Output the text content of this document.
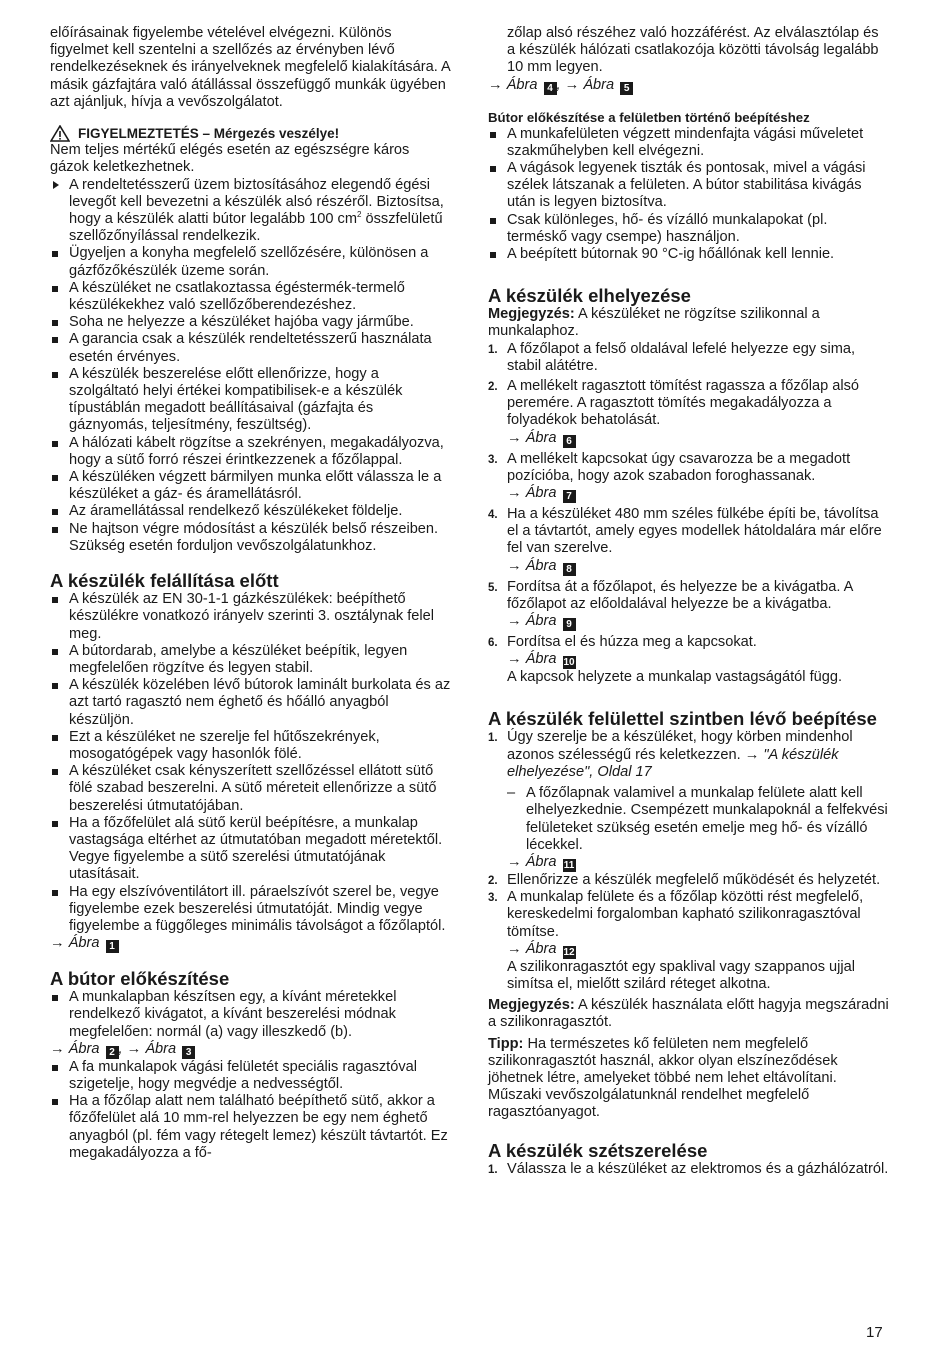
előírásainak figyelembe vételével elvégezni. Különös figyelmet kell szentelni a szellőzés az érvényben lévő rendelkezéseknek és irányelveknek megfelelő kialakítására. A másik gázfajtára való átállással összefüggő munkák ügyében azt ajánljuk, hívja a vevőszolgálatot.

FIGYELMEZTETÉS – Mérgezés veszélye!

Nem teljes mértékű elégés esetén az egészségre káros gázok keletkezhetnek.

A rendeltetésszerű üzem biztosításához elegendő égési levegőt kell bevezetni a készülék alsó részéről. Biztosítsa, hogy a készülék alatti bútor legalább 100 $cm^2$ összfelületű szellőzőnyílással rendelkezik.
Ügyeljen a konyha megfelelő szellőzésére, különösen a gázfőzőkészülék üzeme során.
A készüléket ne csatlakoztassa égéstermék-termelő készülékekhez való szellőzőberendezéshez.
Soha ne helyezze a készüléket hajóba vagy járműbe.
A garancia csak a készülék rendeltetésszerű használata esetén érvényes.
A készülék beszerelése előtt ellenőrizze, hogy a szolgáltató helyi értékei kompatibilisek-e a készülék típustáblán megadott beállításaival (gázfajta és gáznyomás, teljesítmény, feszültség).
A hálózati kábelt rögzítse a szekrényen, megakadályozva, hogy a sütő forró részei érintkezzenek a főzőlappal.
A készüléken végzett bármilyen munka előtt válassza le a készüléket a gáz- és áramellátásról.
Az áramellátással rendelkező készülékeket földelje.
Ne hajtson végre módosítást a készülék belső részeiben. Szükség esetén forduljon vevőszolgálatunkhoz.
A készülék felállítása előtt
A készülék az EN 30-1-1 gázkészülékek: beépíthető készülékre vonatkozó irányelv szerinti 3. osztálynak felel meg.
A bútordarab, amelybe a készüléket beépítik, legyen megfelelően rögzítve és legyen stabil.
A készülék közelében lévő bútorok laminált burkolata és az azt tartó ragasztó nem éghető és hőálló anyagból készüljön.
Ezt a készüléket ne szerelje fel hűtőszekrények, mosogatógépek vagy hasonlók fölé.
A készüléket csak kényszerített szellőzéssel ellátott sütő fölé szabad beszerelni. A sütő méreteit ellenőrizze a sütő beszerelési útmutatójában.
Ha a főzőfelület alá sütő kerül beépítésre, a munkalap vastagsága eltérhet az útmutatóban megadott méretektől. Vegye figyelembe a sütő szerelési útmutatójának utasításait.
Ha egy elszívóventilátort ill. páraelszívót szerel be, vegye figyelembe ezek beszerelési útmutatóját. Mindig vegye figyelembe a függőleges minimális távolságot a főzőlaptól.

→ Ábra 1

A bútor előkészítése
A munkalapban készítsen egy, a kívánt méretekkel rendelkező kivágatot, a kívánt beszerelési módnak megfelelően: normál (a) vagy illeszkedő (b).

→ Ábra 2 , → Ábra 3

A fa munkalapok vágási felületét speciális ragasztóval szigetelje, hogy megvédje a nedvességtől.
Ha a főzőlap alatt nem található beépíthető sütő, akkor a főzőfelület alá 10 mm-rel helyezzen be egy nem éghető anyagból (pl. fém vagy rétegelt lemez) készült távtartót. Ez megakadályozza a fő-

zőlap alsó részéhez való hozzáférést. Az elválasztólap és a készülék hálózati csatlakozója közötti távolság legalább 10 mm legyen.

→ Ábra 4 , → Ábra 5

Bútor előkészítése a felületben történő beépítéshez
A munkafelületen végzett mindenfajta vágási műveletet szakműhelyben kell elvégezni.
A vágások legyenek tiszták és pontosak, mivel a vágási szélek látszanak a felületen. A bútor stabilitása kivágás után is legyen biztosítva.
Csak különleges, hő- és vízálló munkalapokat (pl. terméskő vagy csempe) használjon.
A beépített bútornak 90 °C-ig hőállónak kell lennie.
A készülék elhelyezése

Megjegyzés: A készüléket ne rögzítse szilikonnal a munkalaphoz.

1. A főzőlapot a felső oldalával lefelé helyezze egy sima, stabil alátétre.
2. A mellékelt ragasztott tömítést ragassza a főzőlap alsó peremére. A ragasztott tömítés megakadályozza a folyadékok behatolását.
→ Ábra 6
3. A mellékelt kapcsokat úgy csavarozza be a megadott pozícióba, hogy azok szabadon foroghassanak.
→ Ábra 7
4. Ha a készüléket 480 mm széles fülkébe építi be, távolítsa el a távtartót, amely egyes modellek hátoldalára már előre fel van szerelve.
→ Ábra 8
5. Fordítsa át a főzőlapot, és helyezze be a kivágatba. A főzőlapot az előoldalával helyezze be a kivágatba.
→ Ábra 9
6. Fordítsa el és húzza meg a kapcsokat.
→ Ábra 10
A kapcsok helyzete a munkalap vastagságától függ.
A készülék felülettel szintben lévő beépítése
1. Úgy szerelje be a készüléket, hogy körben mindenhol azonos szélességű rés keletkezzen. → "A készülék elhelyezése", Oldal 17
– A főzőlapnak valamivel a munkalap felülete alatt kell elhelyezkednie. Csempézett munkalapoknál a felfekvési felületeket szükség esetén emelje meg hő- és vízálló lécekkel.

→ Ábra 11

2. Ellenőrizze a készülék megfelelő működését és helyzetét.
3. A munkalap felülete és a főzőlap közötti rést megfelelő, kereskedelmi forgalomban kapható szilikonragasztóval tömítse.

→ Ábra 12

A szilikonragasztót egy spaklival vagy szappanos ujjal simítsa el, mielőtt szilárd réteget alkotna.

Megjegyzés: A készülék használata előtt hagyja megszáradni a szilikonragasztót.

Tipp: Ha természetes kő felületen nem megfelelő szilikonragasztót használ, akkor olyan elszíneződések jöhetnek létre, amelyeket többé nem lehet eltávolítani. Műszaki vevőszolgálatunknál rendelhet megfelelő ragasztóanyagot.

A készülék szétszerelése
1. Válassza le a készüléket az elektromos és a gázhálózatról.
17
